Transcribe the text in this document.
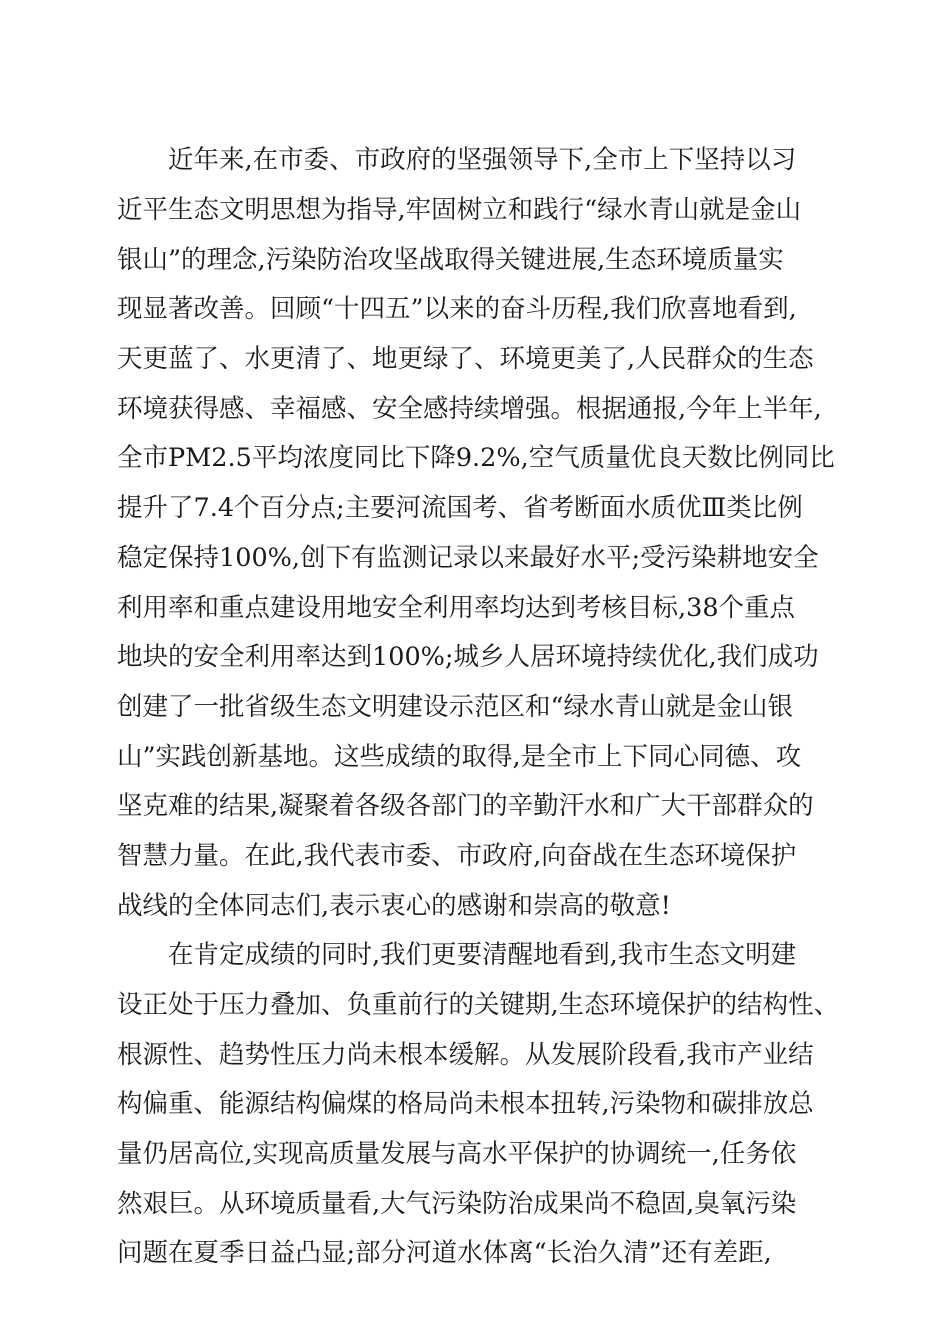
　　近年来,在市委、市政府的坚强领导下,全市上下坚持以习
近平生态文明思想为指导,牢固树立和践行“绿水青山就是金山
银山”的理念,污染防治攻坚战取得关键进展,生态环境质量实
现显著改善。回顾“十四五”以来的奋斗历程,我们欣喜地看到,
天更蓝了、水更清了、地更绿了、环境更美了,人民群众的生态
环境获得感、幸福感、安全感持续增强。根据通报,今年上半年,
全市PM2.5平均浓度同比下降9.2%,空气质量优良天数比例同比
提升了7.4个百分点;主要河流国考、省考断面水质优Ⅲ类比例
稳定保持100%,创下有监测记录以来最好水平;受污染耕地安全
利用率和重点建设用地安全利用率均达到考核目标,38个重点
地块的安全利用率达到100%;城乡人居环境持续优化,我们成功
创建了一批省级生态文明建设示范区和“绿水青山就是金山银
山”实践创新基地。这些成绩的取得,是全市上下同心同德、攻
坚克难的结果,凝聚着各级各部门的辛勤汗水和广大干部群众的
智慧力量。在此,我代表市委、市政府,向奋战在生态环境保护
战线的全体同志们,表示衷心的感谢和崇高的敬意!
　　在肯定成绩的同时,我们更要清醒地看到,我市生态文明建
设正处于压力叠加、负重前行的关键期,生态环境保护的结构性、
根源性、趋势性压力尚未根本缓解。从发展阶段看,我市产业结
构偏重、能源结构偏煤的格局尚未根本扭转,污染物和碳排放总
量仍居高位,实现高质量发展与高水平保护的协调统一,任务依
然艰巨。从环境质量看,大气污染防治成果尚不稳固,臭氧污染
问题在夏季日益凸显;部分河道水体离“长治久清”还有差距,
